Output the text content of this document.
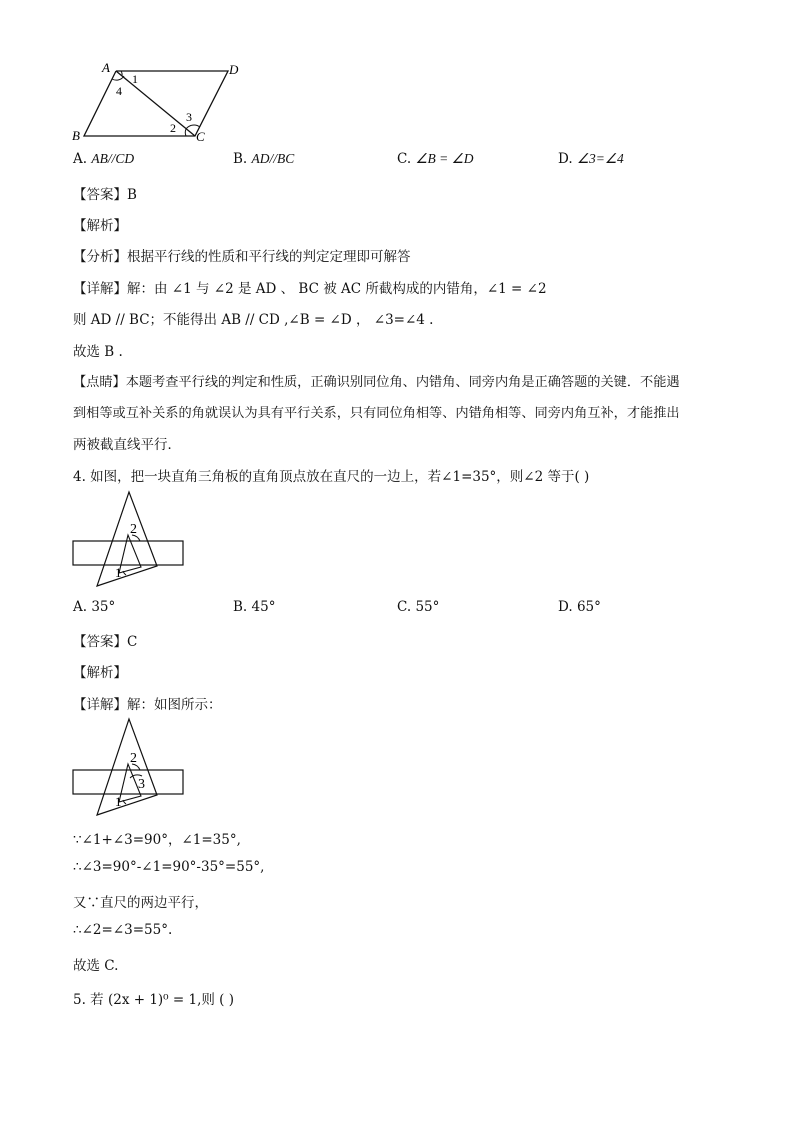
A	D
B	C
1
4
3
2
A. AB//CD	B. AD//BC	C. ∠B = ∠D	D. ∠3=∠4
【答案】B
【解析】
【分析】根据平行线的性质和平行线的判定定理即可解答
【详解】解：由 ∠1 与 ∠2 是 AD 、 BC 被 AC 所截构成的内错角，∠1 = ∠2
则 AD // BC；不能得出 AB // CD ,∠B = ∠D ， ∠3=∠4 .
故选 B .
【点睛】本题考查平行线的判定和性质，正确识别同位角、内错角、同旁内角是正确答题的关键．不能遇
到相等或互补关系的角就误认为具有平行关系，只有同位角相等、内错角相等、同旁内角互补，才能推出
两被截直线平行．
4. 如图，把一块直角三角板的直角顶点放在直尺的一边上，若∠1=35°，则∠2 等于( )
2
1
A. 35°	B. 45°	C. 55°	D. 65°
【答案】C
【解析】
【详解】解：如图所示：
2
3
1
∵∠1+∠3=90°，∠1=35°,
∴∠3=90°-∠1=90°-35°=55°,
又∵直尺的两边平行，
∴∠2=∠3=55°.
故选 C.
5. 若 (2x + 1)⁰ = 1,则 ( )
